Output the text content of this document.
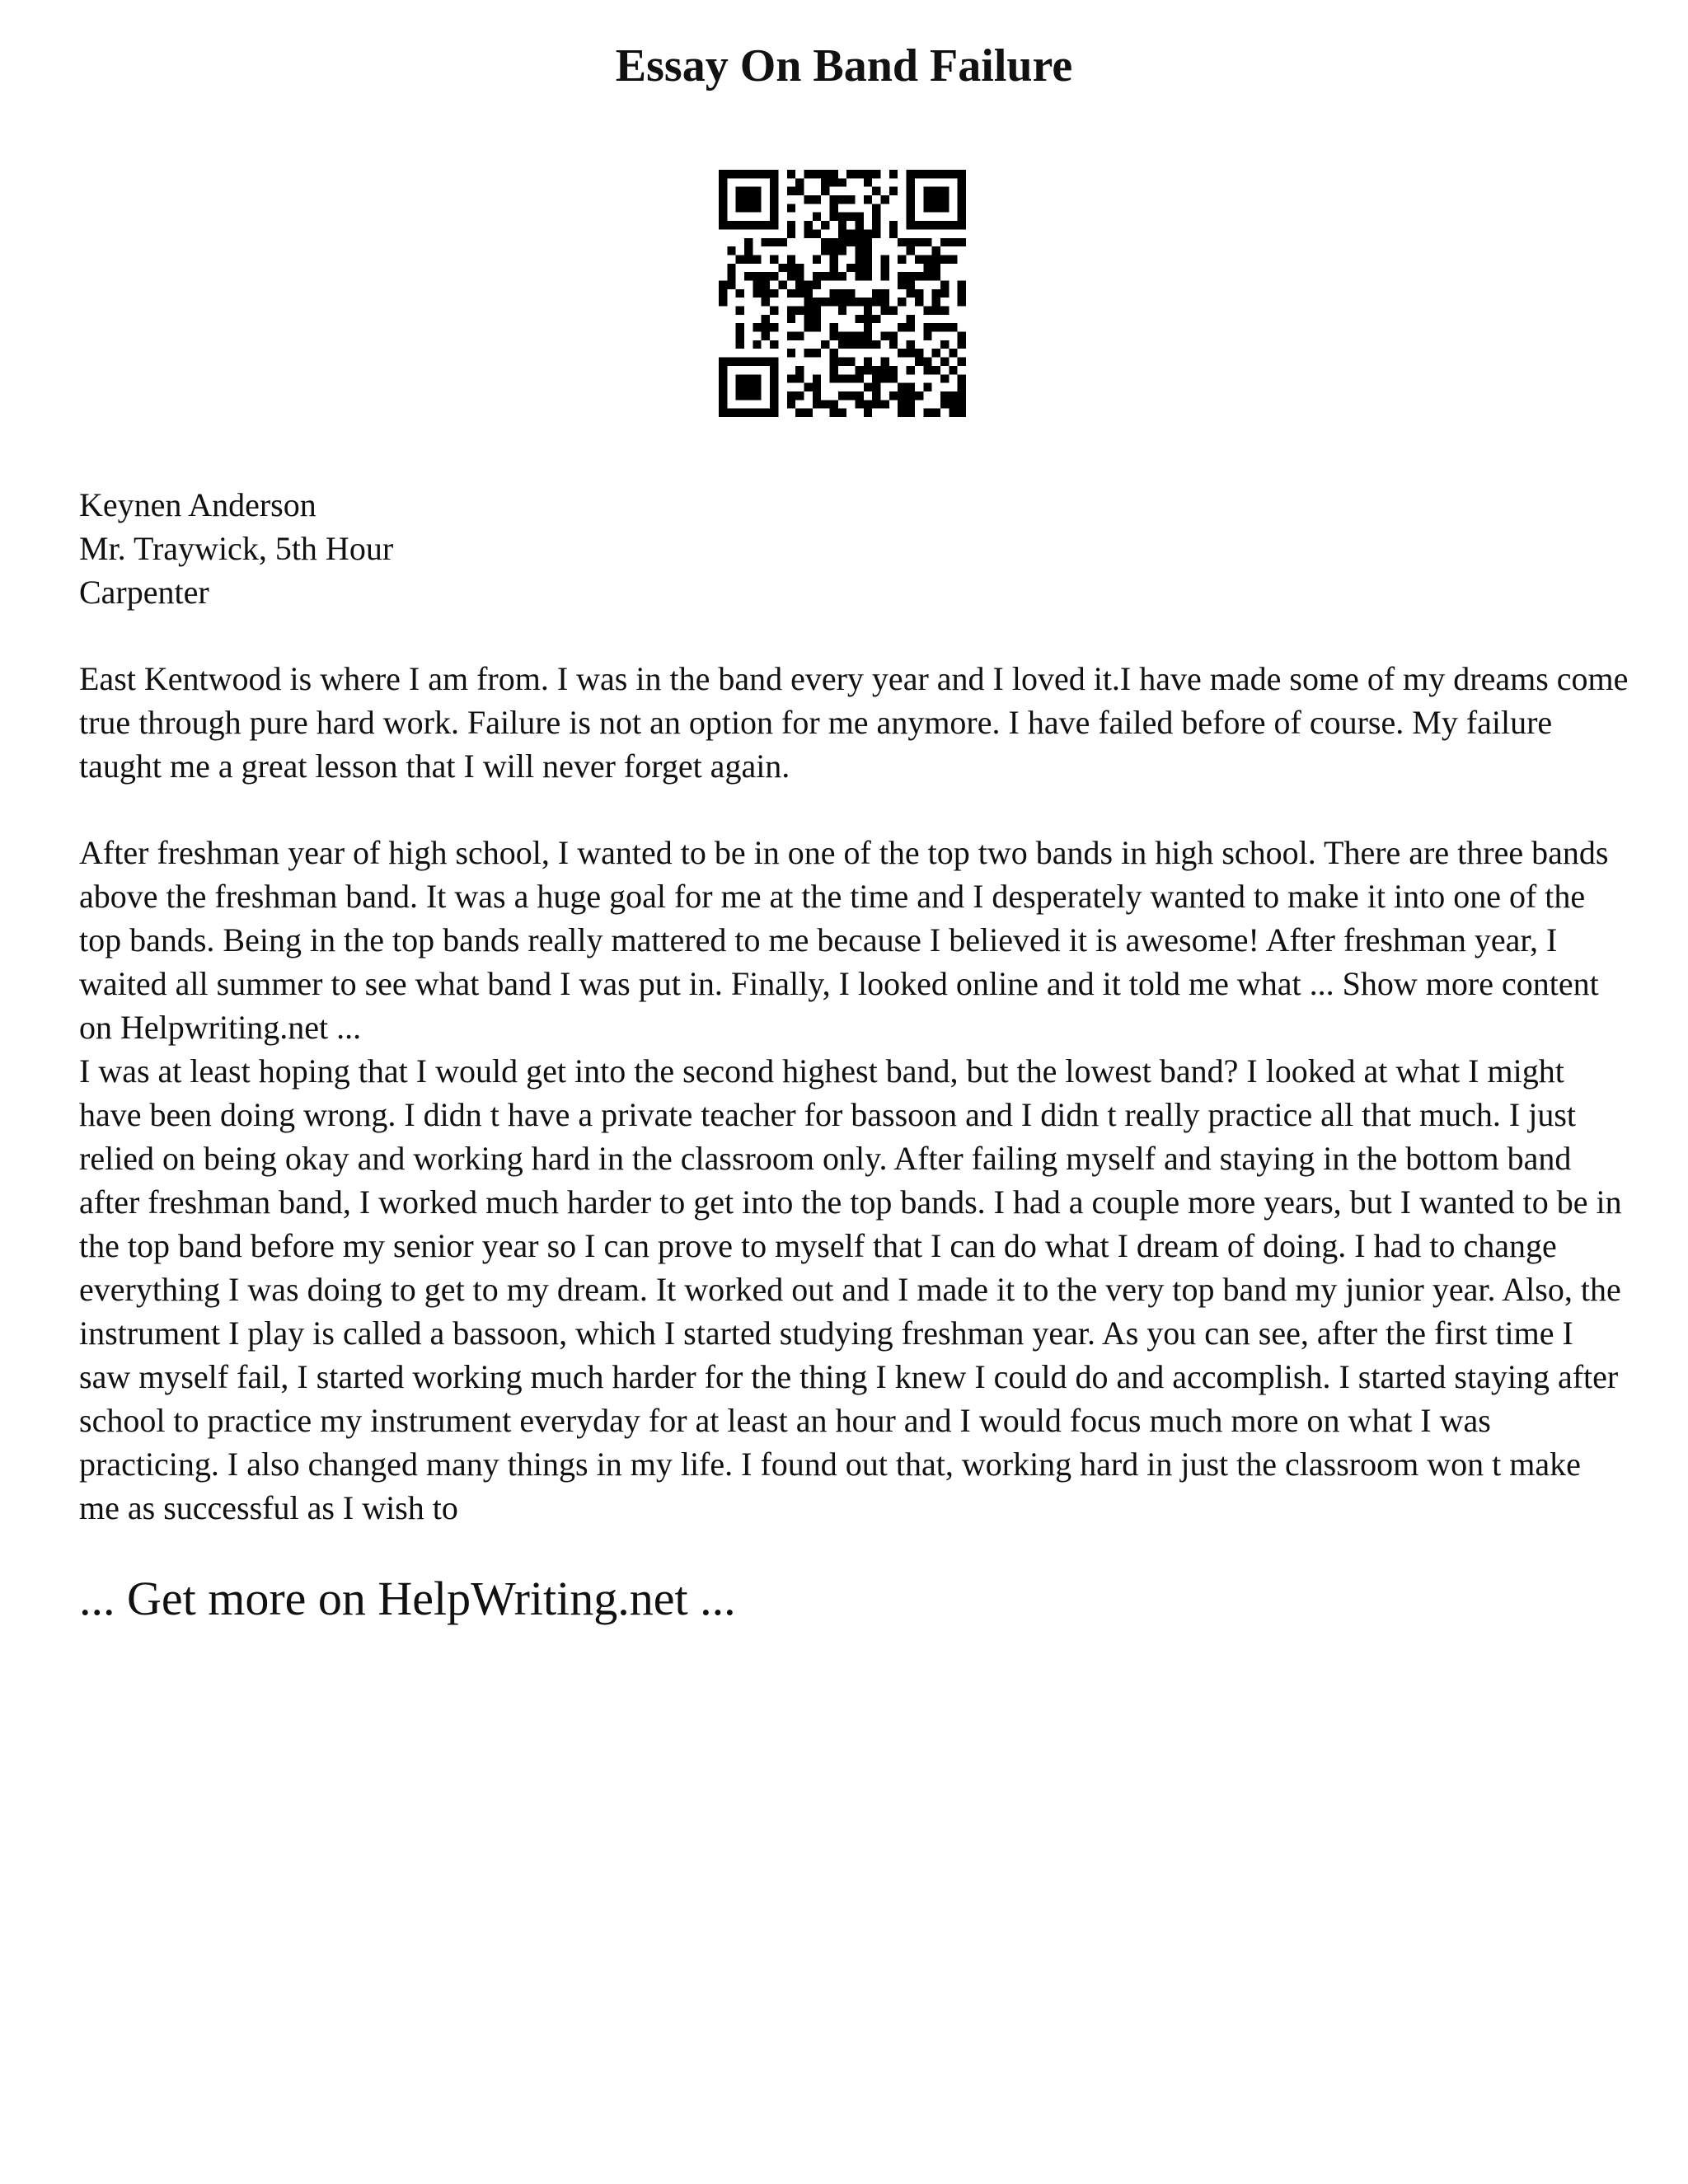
Essay On Band Failure
Keynen Anderson
Mr. Traywick, 5th Hour
Carpenter

East Kentwood is where I am from. I was in the band every year and I loved it.I have made some of my dreams come true through pure hard work. Failure is not an option for me anymore. I have failed before of course. My failure taught me a great lesson that I will never forget again.

After freshman year of high school, I wanted to be in one of the top two bands in high school. There are three bands above the freshman band. It was a huge goal for me at the time and I desperately wanted to make it into one of the top bands. Being in the top bands really mattered to me because I believed it is awesome! After freshman year, I waited all summer to see what band I was put in. Finally, I looked online and it told me what ... Show more content on Helpwriting.net ...

I was at least hoping that I would get into the second highest band, but the lowest band? I looked at what I might have been doing wrong. I didn t have a private teacher for bassoon and I didn t really practice all that much. I just relied on being okay and working hard in the classroom only. After failing myself and staying in the bottom band after freshman band, I worked much harder to get into the top bands. I had a couple more years, but I wanted to be in the top band before my senior year so I can prove to myself that I can do what I dream of doing. I had to change everything I was doing to get to my dream. It worked out and I made it to the very top band my junior year. Also, the instrument I play is called a bassoon, which I started studying freshman year. As you can see, after the first time I saw myself fail, I started working much harder for the thing I knew I could do and accomplish. I started staying after school to practice my instrument everyday for at least an hour and I would focus much more on what I was practicing. I also changed many things in my life. I found out that, working hard in just the classroom won t make me as successful as I wish to

... Get more on HelpWriting.net ...
